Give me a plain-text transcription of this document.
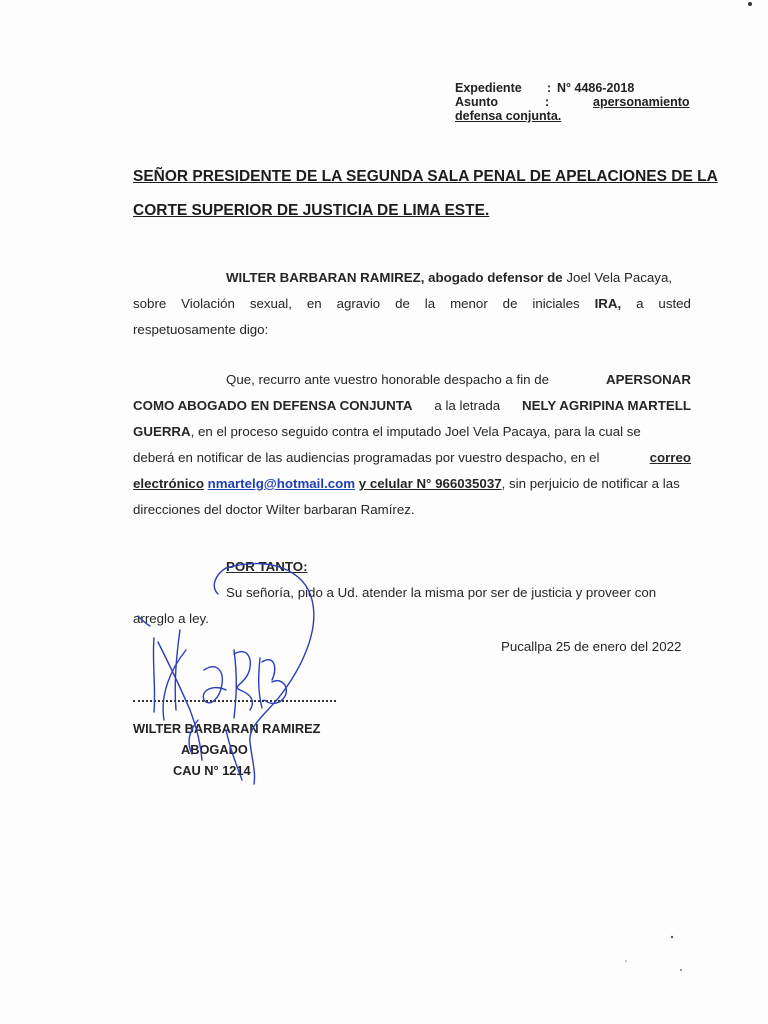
Expediente : N° 4486-2018
Asunto	:	apersonamiento
defensa conjunta.
SEÑOR PRESIDENTE DE LA SEGUNDA SALA PENAL DE APELACIONES DE LA
CORTE SUPERIOR DE JUSTICIA DE LIMA ESTE.
WILTER BARBARAN RAMIREZ, abogado defensor de Joel Vela Pacaya,
sobre Violación sexual, en agravio de la menor de iniciales IRA, a usted
respetuosamente digo:
Que, recurro ante vuestro honorable despacho a fin de	APERSONAR
COMO ABOGADO EN DEFENSA CONJUNTA a la letrada NELY AGRIPINA MARTELL
GUERRA, en el proceso seguido contra el imputado Joel Vela Pacaya, para la cual se
deberá en notificar de las audiencias programadas por vuestro despacho, en el	correo
electrónico nmartelg@hotmail.com y celular N° 966035037, sin perjuicio de notificar a las
direcciones del doctor Wilter barbaran Ramírez.
POR TANTO:
Su señoría, pido a Ud. atender la misma por ser de justicia y proveer con
arreglo a ley.
Pucallpa 25 de enero del 2022
WILTER BARBARAN RAMIREZ
ABOGADO
CAU N° 1214
